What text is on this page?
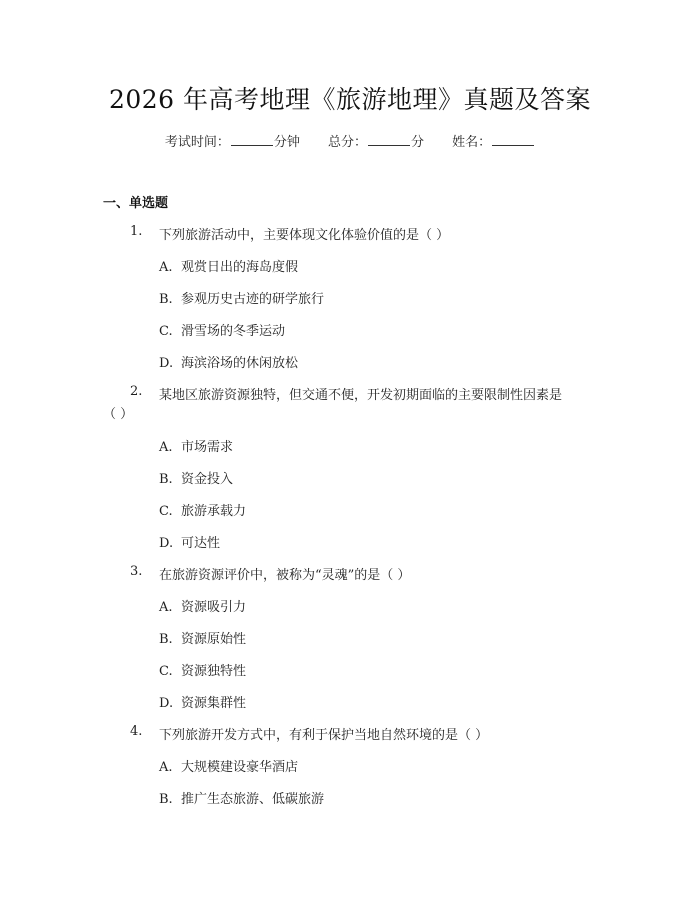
2026 年高考地理《旅游地理》真题及答案
考试时间：	分钟 总分：	分 姓名：
一、单选题
1. 下列旅游活动中，主要体现文化体验价值的是（ ）
A. 观赏日出的海岛度假
B. 参观历史古迹的研学旅行
C. 滑雪场的冬季运动
D. 海滨浴场的休闲放松
2. 某地区旅游资源独特，但交通不便，开发初期面临的主要限制性因素是
（ ）
A. 市场需求
B. 资金投入
C. 旅游承载力
D. 可达性
3. 在旅游资源评价中，被称为“灵魂”的是（ ）
A. 资源吸引力
B. 资源原始性
C. 资源独特性
D. 资源集群性
4. 下列旅游开发方式中，有利于保护当地自然环境的是（ ）
A. 大规模建设豪华酒店
B. 推广生态旅游、低碳旅游
